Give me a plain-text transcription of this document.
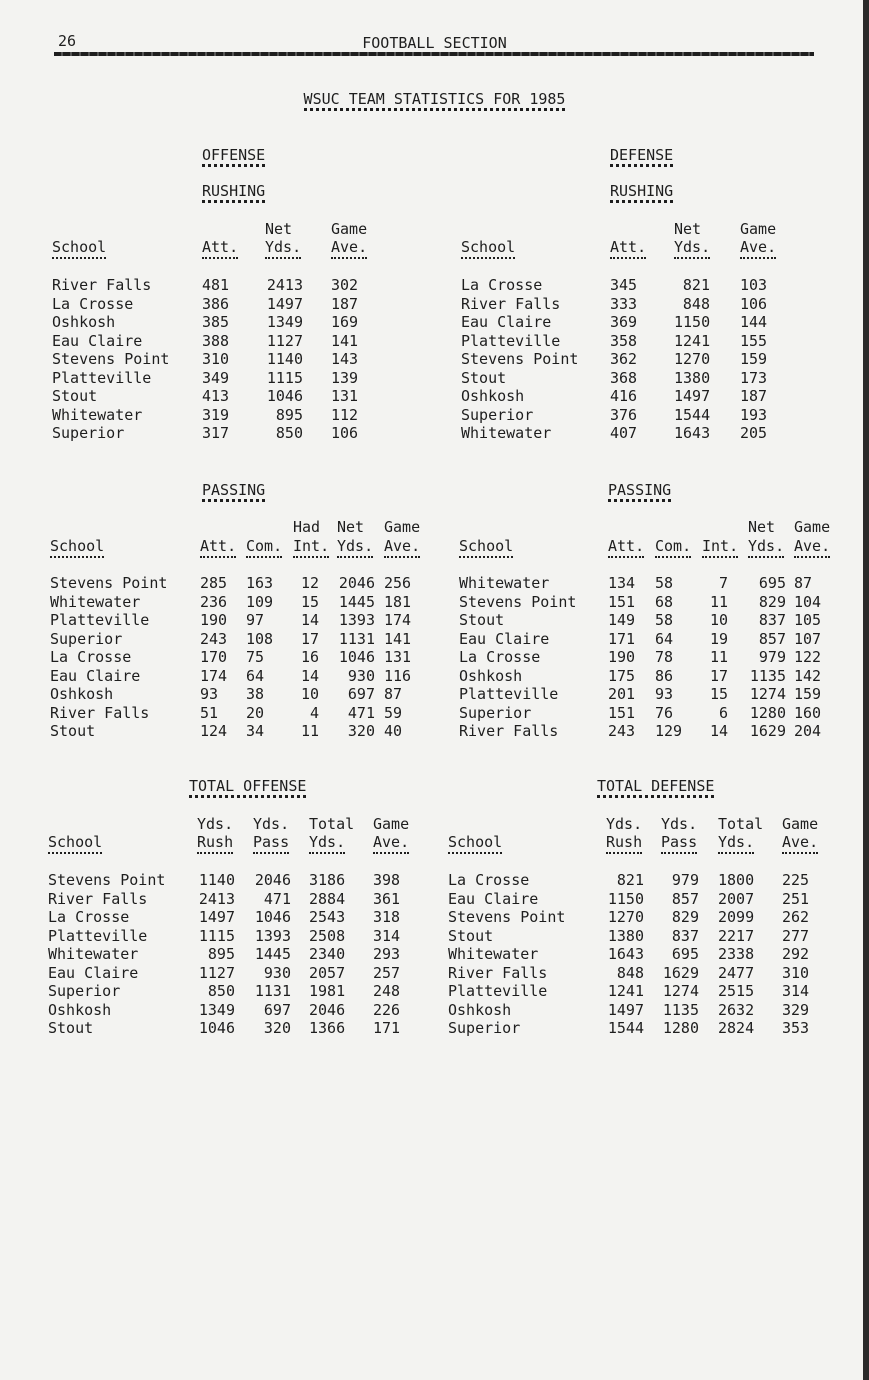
26	FOOTBALL SECTION
WSUC TEAM STATISTICS FOR 1985
OFFENSE	DEFENSE
RUSHING
School
River Falls
La Crosse
Oshkosh
Eau Claire
Stevens Point
Platteville
Stout
Whitewater
Superior
Att.
481
386
385
388
310
349
413
319
317
Net
Yds.
2413
1497
1349
1127
1140
1115
1046
895
850
Game
Ave.
302
187
169
141
143
139
131
112
106
RUSHING
School
La Crosse
River Falls
Eau Claire
Platteville
Stevens Point
Stout
Oshkosh
Superior
Whitewater
Att.
345
333
369
358
362
368
416
376
407
Net
Yds.
821
848
1150
1241
1270
1380
1497
1544
1643
Game
Ave.
103
106
144
155
159
173
187
193
205
PASSING
School
Stevens Point
Whitewater
Platteville
Superior
La Crosse
Eau Claire
Oshkosh
River Falls
Stout
Att.
285
236
190
243
170
174
93
51
124
Com.
163
109
97
108
75
64
38
20
34
Had
Int.
12
15
14
17
16
14
10
4
11
Net
Yds.
2046
1445
1393
1131
1046
930
697
471
320
Game
Ave.
256
181
174
141
131
116
87
59
40
PASSING
School
Whitewater
Stevens Point
Stout
Eau Claire
La Crosse
Oshkosh
Platteville
Superior
River Falls
Att.
134
151
149
171
190
175
201
151
243
Com.
58
68
58
64
78
86
93
76
129
Int.
7
11
10
19
11
17
15
6
14
Net
Yds.
695
829
837
857
979
1135
1274
1280
1629
Game
Ave.
87
104
105
107
122
142
159
160
204
TOTAL OFFENSE
School
Stevens Point
River Falls
La Crosse
Platteville
Whitewater
Eau Claire
Superior
Oshkosh
Stout
Yds.
Rush
1140
2413
1497
1115
895
1127
850
1349
1046
Yds.
Pass
2046
471
1046
1393
1445
930
1131
697
320
Total
Yds.
3186
2884
2543
2508
2340
2057
1981
2046
1366
Game
Ave.
398
361
318
314
293
257
248
226
171
TOTAL DEFENSE
School
La Crosse
Eau Claire
Stevens Point
Stout
Whitewater
River Falls
Platteville
Oshkosh
Superior
Yds.
Rush
821
1150
1270
1380
1643
848
1241
1497
1544
Yds.
Pass
979
857
829
837
695
1629
1274
1135
1280
Total
Yds.
1800
2007
2099
2217
2338
2477
2515
2632
2824
Game
Ave.
225
251
262
277
292
310
314
329
353
